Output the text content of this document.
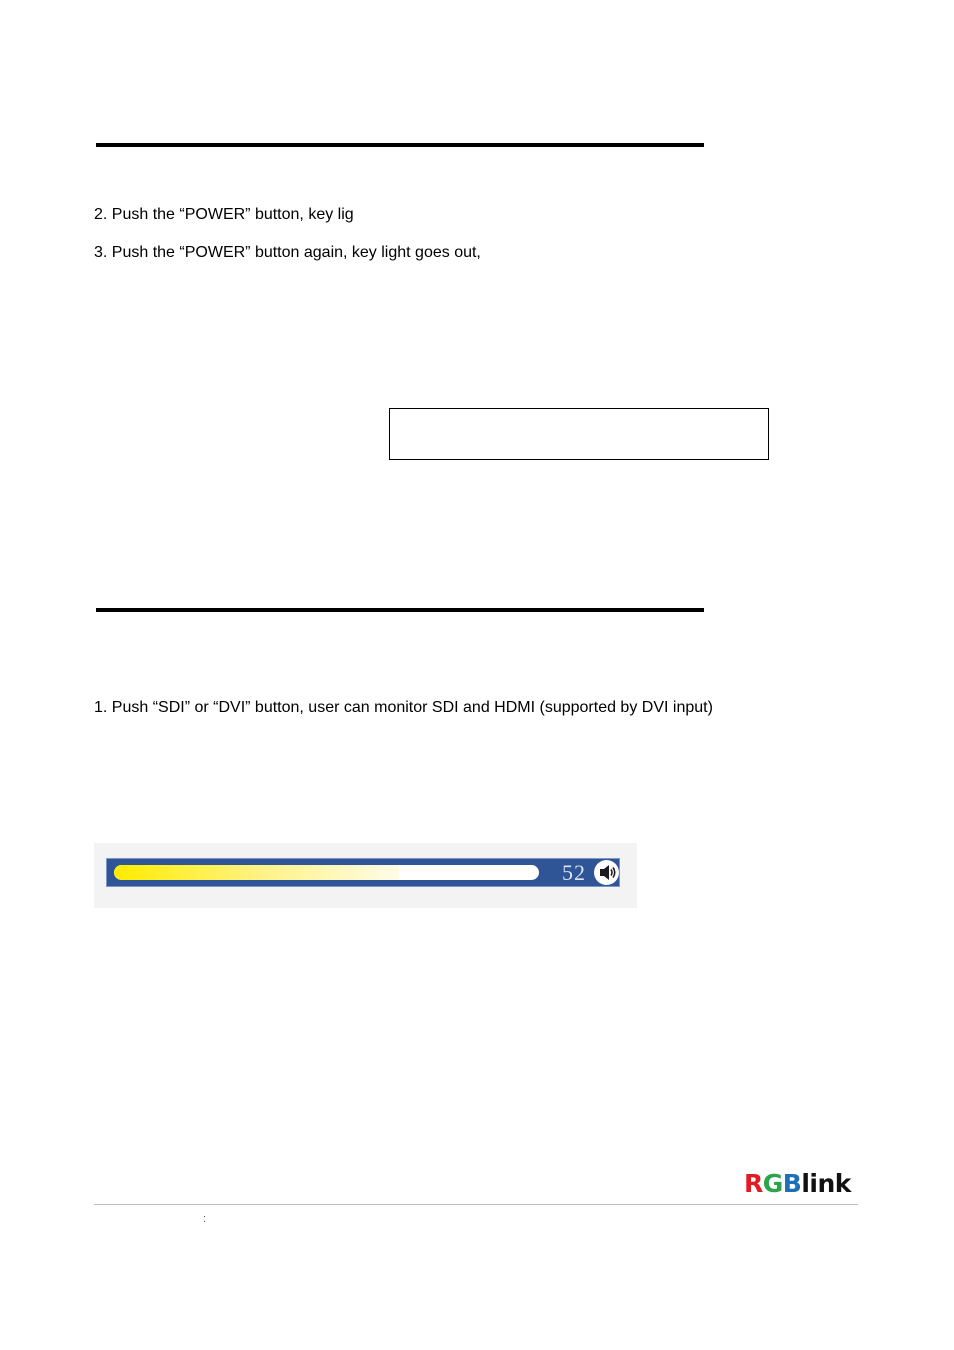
2. Push the “POWER” button, key lig
3. Push the “POWER” button again, key light goes out,
1. Push “SDI” or “DVI” button, user can monitor SDI and HDMI (supported by DVI input)
52
RGBlink
:
